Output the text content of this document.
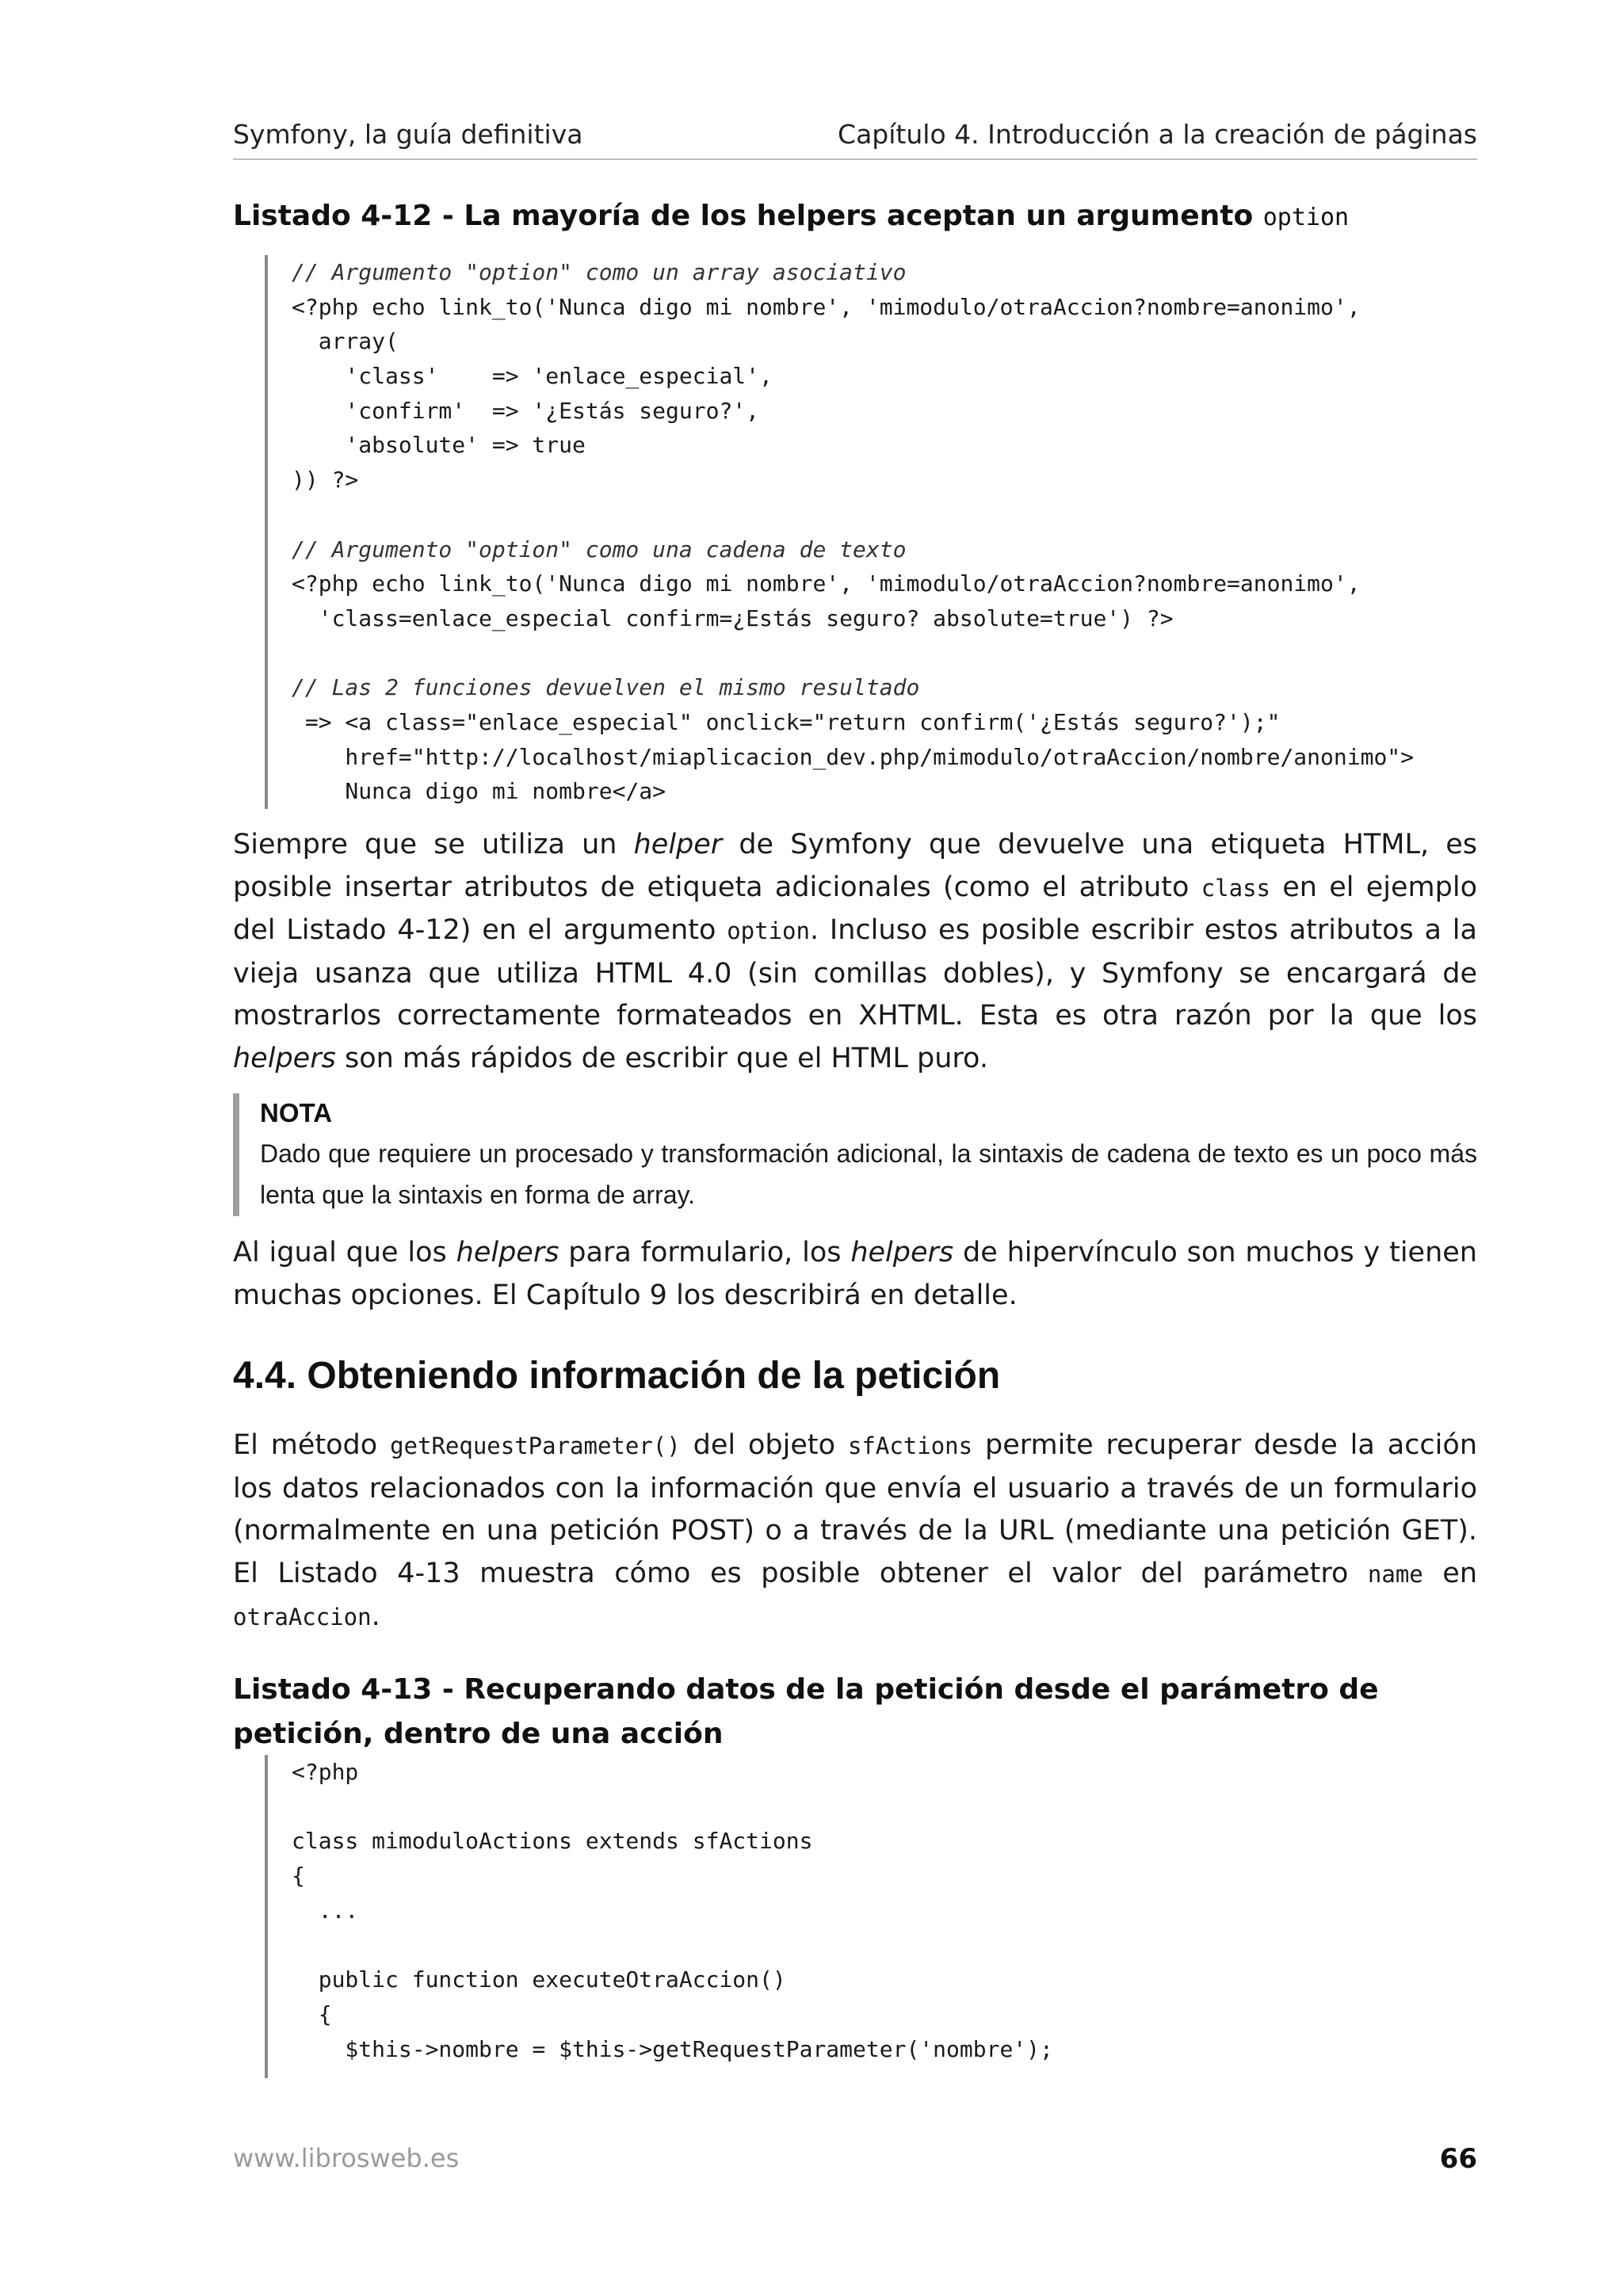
Symfony, la guía definitiva	Capítulo 4. Introducción a la creación de páginas
Listado 4-12 - La mayoría de los helpers aceptan un argumento option
// Argumento "option" como un array asociativo
<?php echo link_to('Nunca digo mi nombre', 'mimodulo/otraAccion?nombre=anonimo',
array(
'class'    => 'enlace_especial',
'confirm'  => '¿Estás seguro?',
'absolute' => true
)) ?>
// Argumento "option" como una cadena de texto
<?php echo link_to('Nunca digo mi nombre', 'mimodulo/otraAccion?nombre=anonimo',
'class=enlace_especial confirm=¿Estás seguro? absolute=true') ?>
// Las 2 funciones devuelven el mismo resultado
=> <a class="enlace_especial" onclick="return confirm('¿Estás seguro?');"
href="http://localhost/miaplicacion_dev.php/mimodulo/otraAccion/nombre/anonimo">
Nunca digo mi nombre</a>
Siempre que se utiliza un helper de Symfony que devuelve una etiqueta HTML, es posible insertar atributos de etiqueta adicionales (como el atributo class en el ejemplo del Listado 4-12) en el argumento option. Incluso es posible escribir estos atributos a la vieja usanza que utiliza HTML 4.0 (sin comillas dobles), y Symfony se encargará de mostrarlos correctamente formateados en XHTML. Esta es otra razón por la que los helpers son más rápidos de escribir que el HTML puro.
NOTA
Dado que requiere un procesado y transformación adicional, la sintaxis de cadena de texto es un poco más lenta que la sintaxis en forma de array.
Al igual que los helpers para formulario, los helpers de hipervínculo son muchos y tienen muchas opciones. El Capítulo 9 los describirá en detalle.
4.4. Obteniendo información de la petición
El método getRequestParameter() del objeto sfActions permite recuperar desde la acción los datos relacionados con la información que envía el usuario a través de un formulario (normalmente en una petición POST) o a través de la URL (mediante una petición GET). El Listado 4-13 muestra cómo es posible obtener el valor del parámetro name en otraAccion.
Listado 4-13 - Recuperando datos de la petición desde el parámetro de petición, dentro de una acción
<?php
class mimoduloActions extends sfActions
{
...
public function executeOtraAccion()
{
$this->nombre = $this->getRequestParameter('nombre');
www.librosweb.es	66
